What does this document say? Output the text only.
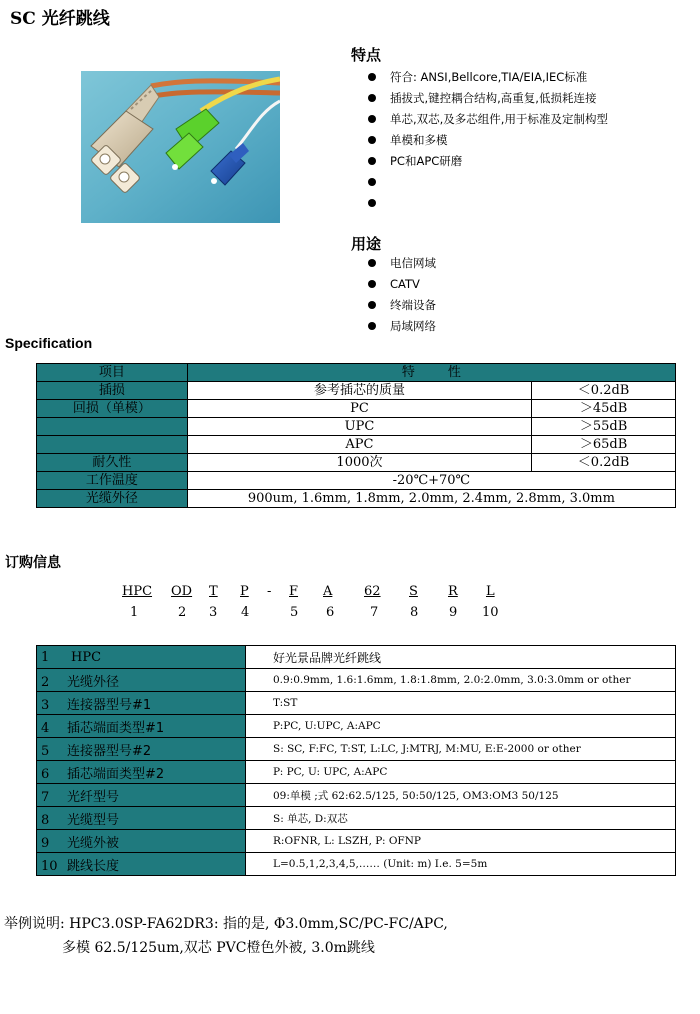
SC 光纤跳线
特点
符合: ANSI,Bellcore,TIA/EIA,IEC标准
插拔式,键控耦合结构,高重复,低损耗连接
单芯,双芯,及多芯组件,用于标准及定制构型
单模和多模
PC和APC研磨
用途
电信网域
CATV
终端设备
局域网络
Specification
项目	特        性	
插损	参考插芯的质量	＜0.2dB
回损（单模）	PC	＞45dB
	UPC	＞55dB
	APC	＞65dB
耐久性	1000次	＜0.2dB
工作温度	-20℃+70℃	
光缆外径	900um, 1.6mm, 1.8mm, 2.0mm, 2.4mm, 2.8mm, 3.0mm	
订购信息
HPC OD T P - F A 62 S R L
1	2 3 4	5 6	7 8 9 10
1 HPC	好光景品牌光纤跳线
2 光缆外径	0.9:0.9mm, 1.6:1.6mm, 1.8:1.8mm, 2.0:2.0mm, 3.0:3.0mm or other
3 连接器型号#1	T:ST
4 插芯端面类型#1	P:PC, U:UPC, A:APC
5 连接器型号#2	S: SC, F:FC, T:ST, L:LC, J:MTRJ, M:MU, E:E-2000 or other
6 插芯端面类型#2	P: PC, U: UPC, A:APC
7 光纤型号	09:单模 ;式 62:62.5/125, 50:50/125, OM3:OM3 50/125
8 光缆型号	S: 单芯, D:双芯
9 光缆外被	R:OFNR, L: LSZH, P: OFNP
10 跳线长度	L=0.5,1,2,3,4,5,…… (Unit: m) I.e. 5=5m
举例说明: HPC3.0SP-FA62DR3: 指的是, Φ3.0mm,SC/PC-FC/APC,
多模 62.5/125um,双芯 PVC橙色外被, 3.0m跳线
